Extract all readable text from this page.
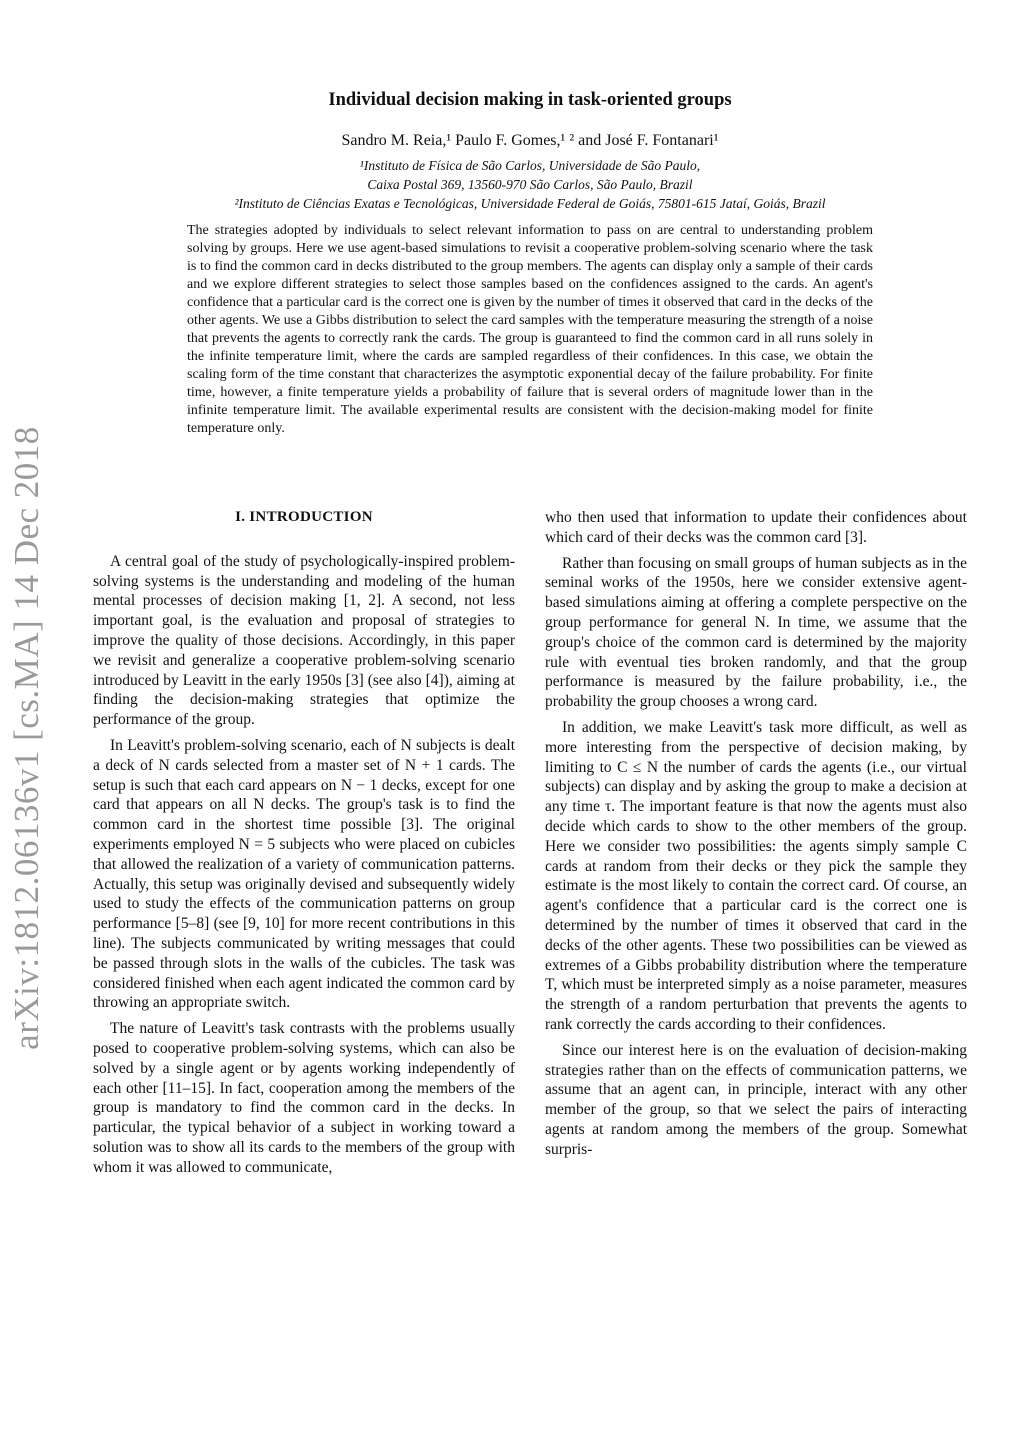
arXiv:1812.06136v1 [cs.MA] 14 Dec 2018
Individual decision making in task-oriented groups
Sandro M. Reia,¹ Paulo F. Gomes,¹ ² and José F. Fontanari¹
¹Instituto de Física de São Carlos, Universidade de São Paulo,
Caixa Postal 369, 13560-970 São Carlos, São Paulo, Brazil
²Instituto de Ciências Exatas e Tecnológicas, Universidade Federal de Goiás, 75801-615 Jataí, Goiás, Brazil
The strategies adopted by individuals to select relevant information to pass on are central to understanding problem solving by groups. Here we use agent-based simulations to revisit a cooperative problem-solving scenario where the task is to find the common card in decks distributed to the group members. The agents can display only a sample of their cards and we explore different strategies to select those samples based on the confidences assigned to the cards. An agent's confidence that a particular card is the correct one is given by the number of times it observed that card in the decks of the other agents. We use a Gibbs distribution to select the card samples with the temperature measuring the strength of a noise that prevents the agents to correctly rank the cards. The group is guaranteed to find the common card in all runs solely in the infinite temperature limit, where the cards are sampled regardless of their confidences. In this case, we obtain the scaling form of the time constant that characterizes the asymptotic exponential decay of the failure probability. For finite time, however, a finite temperature yields a probability of failure that is several orders of magnitude lower than in the infinite temperature limit. The available experimental results are consistent with the decision-making model for finite temperature only.
I. INTRODUCTION

A central goal of the study of psychologically-inspired problem-solving systems is the understanding and modeling of the human mental processes of decision making [1, 2]. A second, not less important goal, is the evaluation and proposal of strategies to improve the quality of those decisions. Accordingly, in this paper we revisit and generalize a cooperative problem-solving scenario introduced by Leavitt in the early 1950s [3] (see also [4]), aiming at finding the decision-making strategies that optimize the performance of the group.

In Leavitt's problem-solving scenario, each of N subjects is dealt a deck of N cards selected from a master set of N + 1 cards. The setup is such that each card appears on N − 1 decks, except for one card that appears on all N decks. The group's task is to find the common card in the shortest time possible [3]. The original experiments employed N = 5 subjects who were placed on cubicles that allowed the realization of a variety of communication patterns. Actually, this setup was originally devised and subsequently widely used to study the effects of the communication patterns on group performance [5–8] (see [9, 10] for more recent contributions in this line). The subjects communicated by writing messages that could be passed through slots in the walls of the cubicles. The task was considered finished when each agent indicated the common card by throwing an appropriate switch.

The nature of Leavitt's task contrasts with the problems usually posed to cooperative problem-solving systems, which can also be solved by a single agent or by agents working independently of each other [11–15]. In fact, cooperation among the members of the group is mandatory to find the common card in the decks. In particular, the typical behavior of a subject in working toward a solution was to show all its cards to the members of the group with whom it was allowed to communicate,

who then used that information to update their confidences about which card of their decks was the common card [3].

Rather than focusing on small groups of human subjects as in the seminal works of the 1950s, here we consider extensive agent-based simulations aiming at offering a complete perspective on the group performance for general N. In time, we assume that the group's choice of the common card is determined by the majority rule with eventual ties broken randomly, and that the group performance is measured by the failure probability, i.e., the probability the group chooses a wrong card.

In addition, we make Leavitt's task more difficult, as well as more interesting from the perspective of decision making, by limiting to C ≤ N the number of cards the agents (i.e., our virtual subjects) can display and by asking the group to make a decision at any time τ. The important feature is that now the agents must also decide which cards to show to the other members of the group. Here we consider two possibilities: the agents simply sample C cards at random from their decks or they pick the sample they estimate is the most likely to contain the correct card. Of course, an agent's confidence that a particular card is the correct one is determined by the number of times it observed that card in the decks of the other agents. These two possibilities can be viewed as extremes of a Gibbs probability distribution where the temperature T, which must be interpreted simply as a noise parameter, measures the strength of a random perturbation that prevents the agents to rank correctly the cards according to their confidences.

Since our interest here is on the evaluation of decision-making strategies rather than on the effects of communication patterns, we assume that an agent can, in principle, interact with any other member of the group, so that we select the pairs of interacting agents at random among the members of the group. Somewhat surpris-
